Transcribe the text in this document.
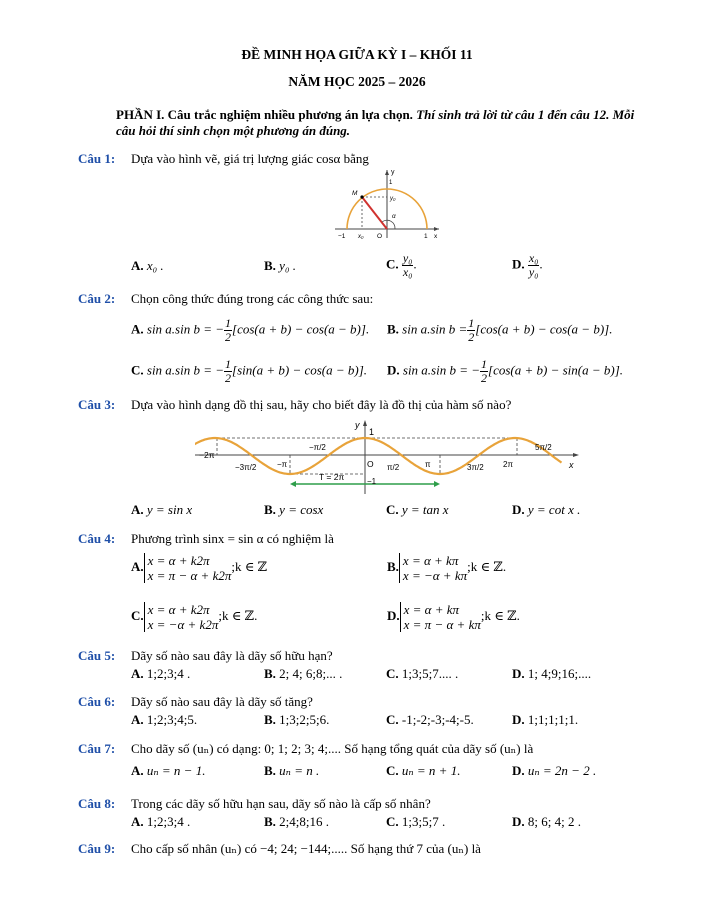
ĐỀ MINH HỌA GIỮA KỲ I – KHỐI 11
NĂM HỌC 2025 – 2026
PHẦN I. Câu trắc nghiệm nhiều phương án lựa chọn. Thí sinh trả lời từ câu 1 đến câu 12. Mỗi câu hỏi thí sinh chọn một phương án đúng.
Câu 1: Dựa vào hình vẽ, giá trị lượng giác cosα bằng
y
1
M
y₀
α
−1 x₀ O	1 x
A. x₀ .	B. y₀ .	C. $\frac{\text{y₀}}{\text{x₀}}$ .	D. $\frac{\text{x₀}}{\text{y₀}}$ .
Câu 2: Chọn công thức đúng trong các công thức sau:
A. sin a.sin b = − $\frac{1}{2} [\cos(a + b) - \cos(a - b)]$. B. sin a.sin $b = \frac{1}{2} [\cos(a + b) - \cos(a - b)]$.
C. sin a.sin b = − $\frac{1}{2} [\sin(a + b) - \cos(a - b)]$. D. sin a.sin b = − $\frac{1}{2} [\cos(a + b) - \sin(a - b)]$.
Câu 3: Dựa vào hình dạng đồ thị sau, hãy cho biết đây là đồ thị của hàm số nào?
1
y
−2π
−π/2	5π/2
−3π/2	−π
T = 2π
O
−1
π/2	π	3π/2 2π	x
A. y = sin x	B. y = cosx	C. y = tan x	D. y = cot x .
Câu 4: Phương trình sinx = sin α có nghiệm là
A. x = α + k2π
x = π − α + k2π
;k ∈ ℤ	B. x = α + kπ
x = −α + kπ
;k ∈ ℤ.
C. x = α + k2π
x = −α + k2π
;k ∈ ℤ.	D. x = α + kπ
x = π − α + kπ
;k ∈ ℤ.
Câu 5: Dãy số nào sau đây là dãy số hữu hạn?
A. 1;2;3;4 .	B. 2; 4; 6;8;... .	C. 1;3;5;7.... .	D. 1; 4;9;16;....
Câu 6: Dãy số nào sau đây là dãy số tăng?
A. 1;2;3;4;5.	B. 1;3;2;5;6.	C. -1;-2;-3;-4;-5.	D. 1;1;1;1;1.
Câu 7: Cho dãy số (uₙ) có dạng: 0; 1; 2; 3; 4;.... Số hạng tổng quát của dãy số (uₙ) là
A. uₙ = n − 1.	B. uₙ = n .	C. uₙ = n + 1.	D. uₙ = 2n − 2 .
Câu 8: Trong các dãy số hữu hạn sau, dãy số nào là cấp số nhân?
A. 1;2;3;4 .	B. 2;4;8;16 .	C. 1;3;5;7 .	D. 8; 6; 4; 2 .
Câu 9: Cho cấp số nhân (uₙ) có −4; 24; −144;..... Số hạng thứ 7 của (uₙ) là
